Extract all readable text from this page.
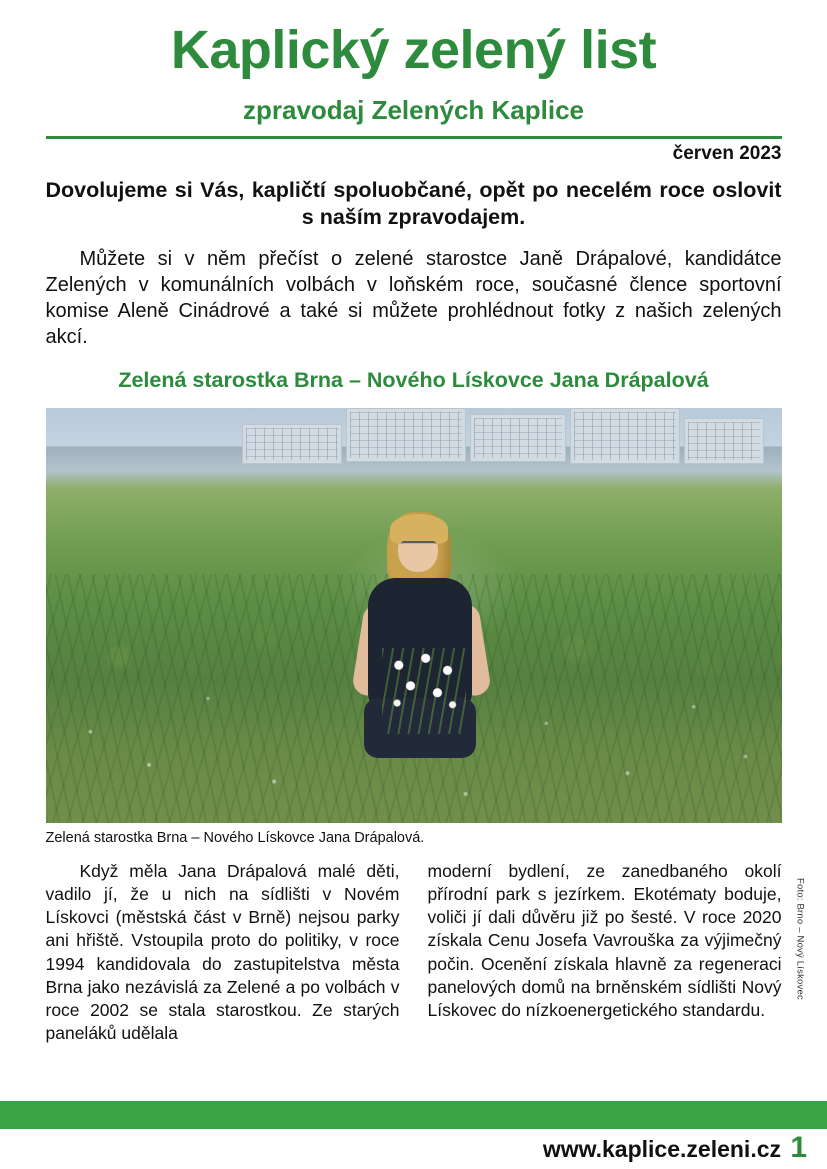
Kaplický zelený list
zpravodaj Zelených Kaplice
červen 2023
Dovolujeme si Vás, kapličtí spoluobčané, opět po necelém roce oslovit s naším zpravodajem.
Můžete si v něm přečíst o zelené starostce Janě Drápalové, kandidátce Zelených v komunálních volbách v loňském roce, současné člence sportovní komise Aleně Cinádrové a také si můžete prohlédnout fotky z našich zelených akcí.
Zelená starostka Brna – Nového Lískovce Jana Drápalová
Zelená starostka Brna – Nového Lískovce Jana Drápalová.

Když měla Jana Drápalová malé děti, vadilo jí, že u nich na sídlišti v Novém Lískovci (městská část v Brně) nejsou parky ani hřiště. Vstoupila proto do politiky, v roce 1994 kandidovala do zastupitelstva města Brna jako nezávislá za Zelené a po volbách v roce 2002 se stala starostkou. Ze starých paneláků udělala

moderní bydlení, ze zanedbaného okolí přírodní park s jezírkem. Ekotématy boduje, voliči jí dali důvěru již po šesté. V roce 2020 získala Cenu Josefa Vavrouška za výjimečný počin. Ocenění získala hlavně za regeneraci panelových domů na brněnském sídlišti Nový Lískovec do nízkoenergetického standardu.

Foto: Brno – Nový Lískovec
www.kaplice.zeleni.cz 1
